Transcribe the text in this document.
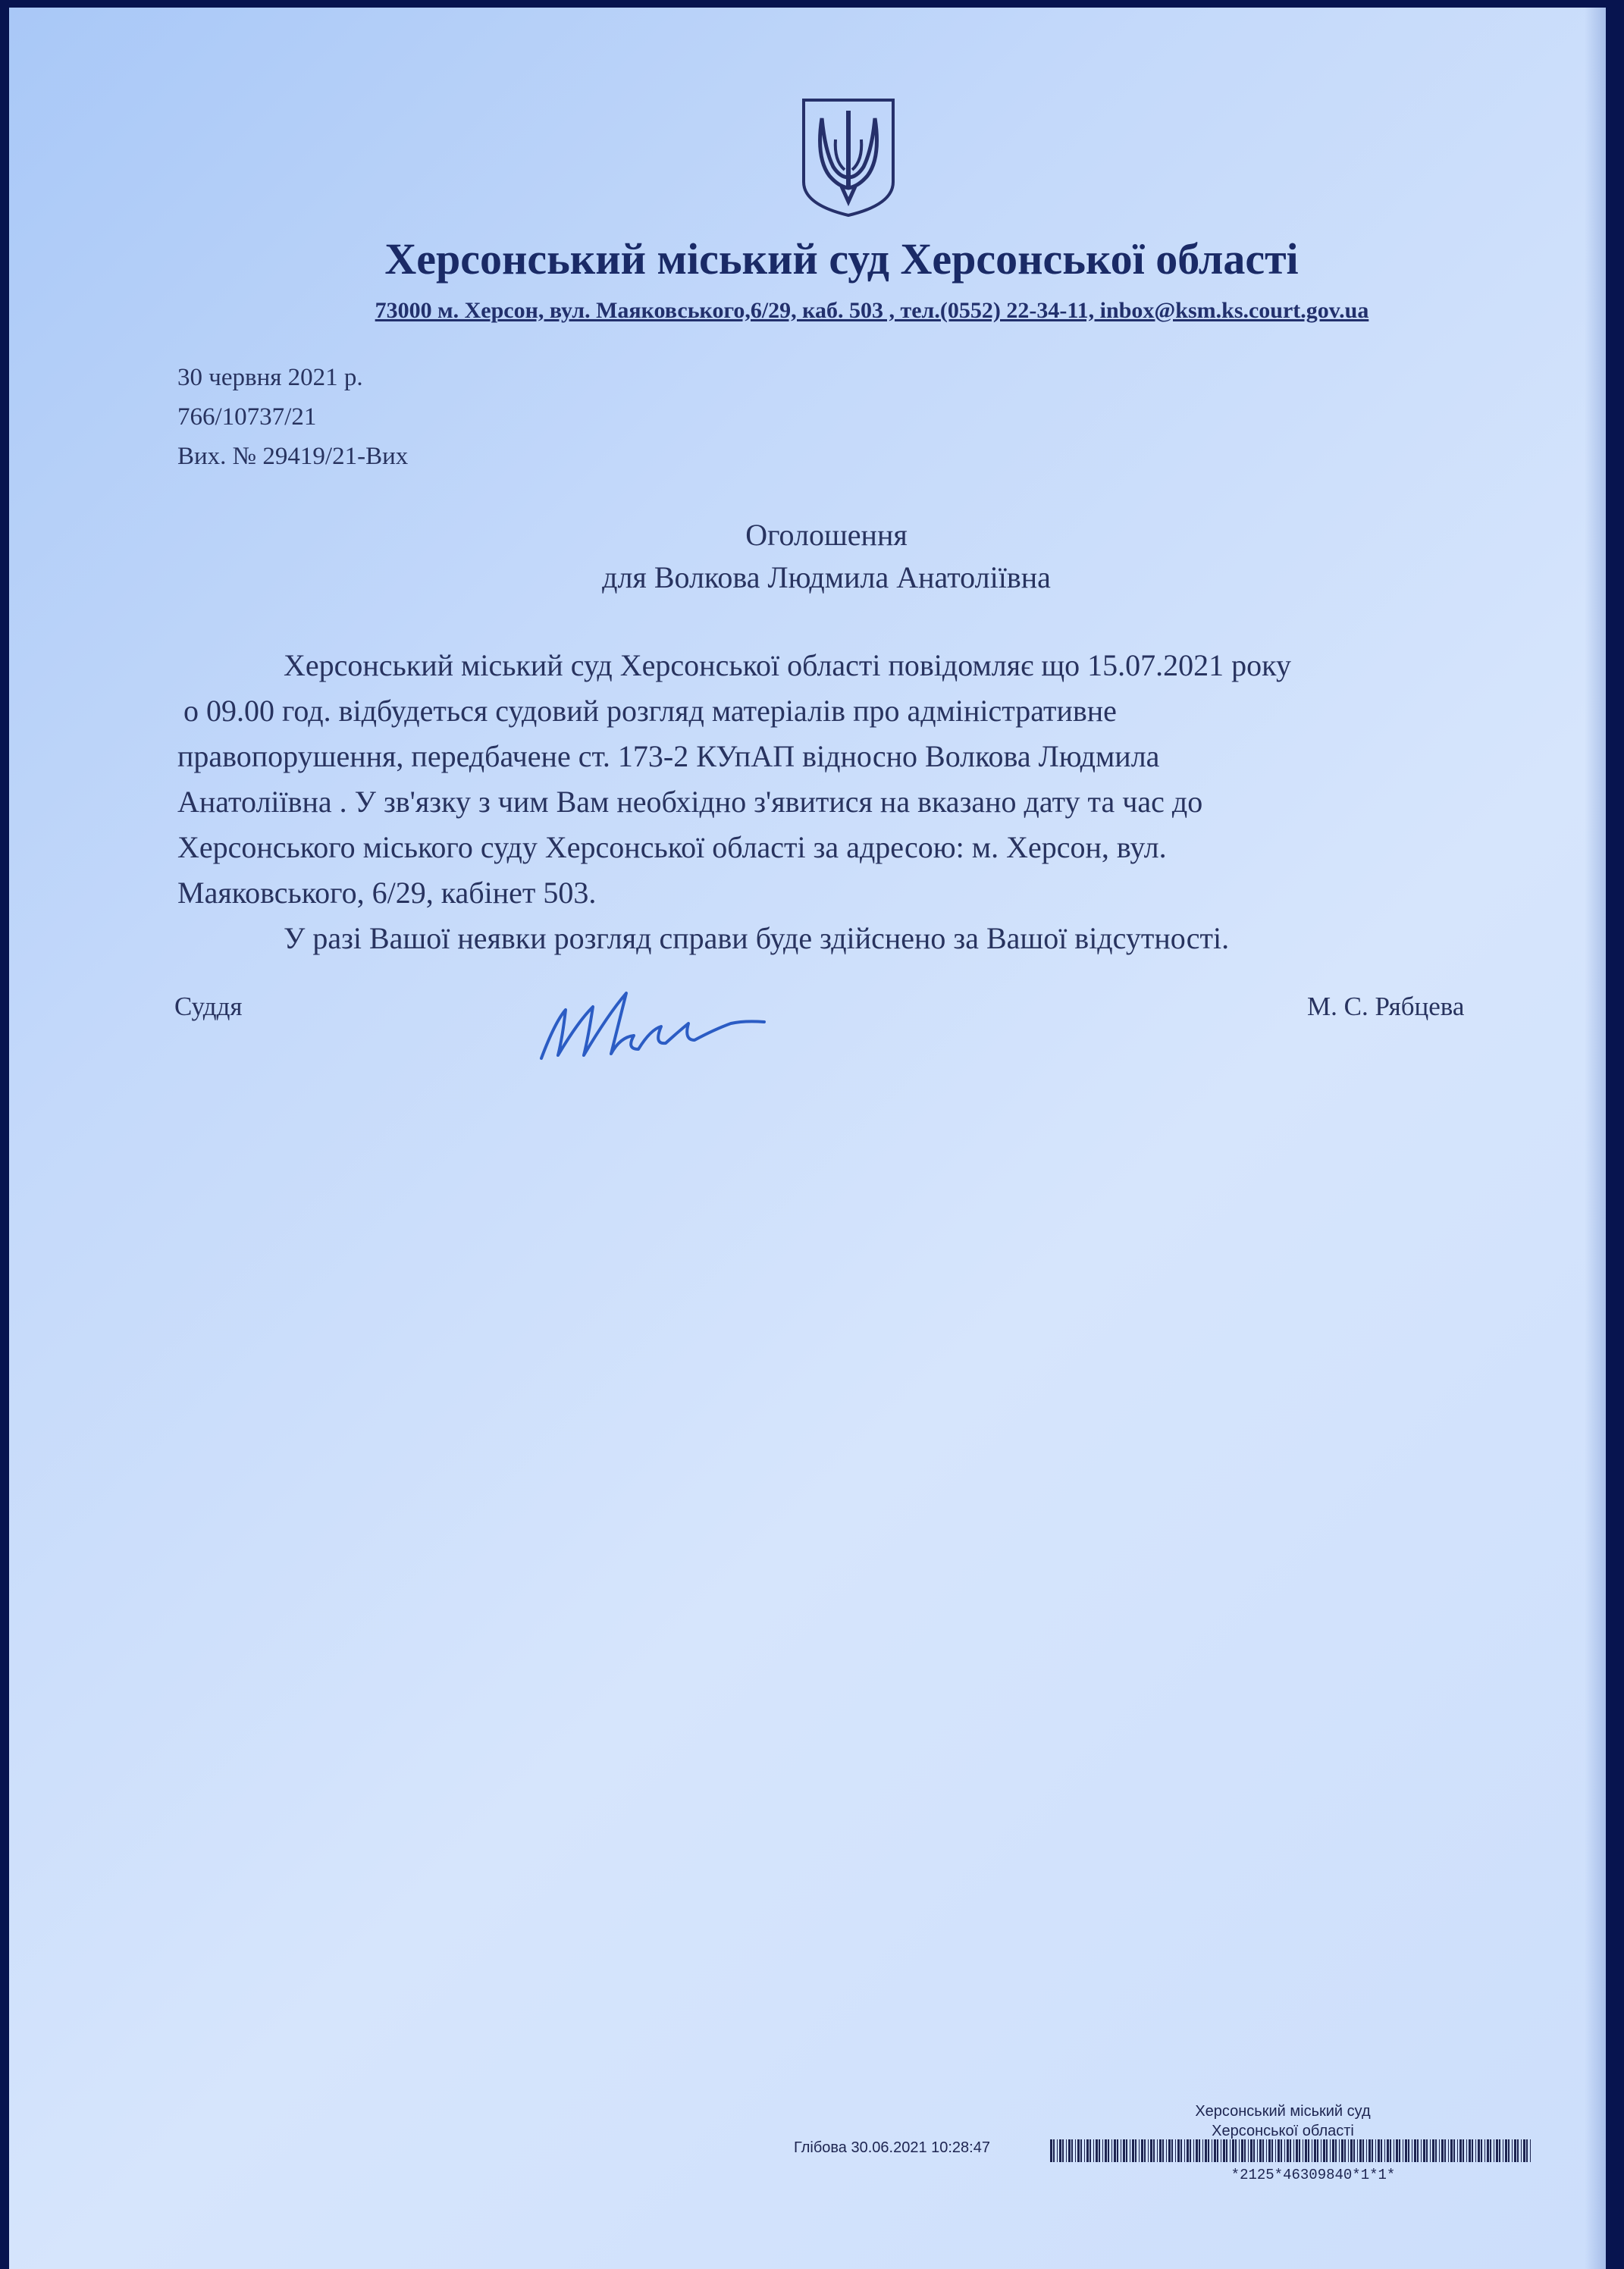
Херсонський міський суд Херсонської області
73000 м. Херсон, вул. Маяковського,6/29, каб. 503 , тел.(0552) 22-34-11, inbox@ksm.ks.court.gov.ua
30 червня 2021 р.
766/10737/21
Вих. № 29419/21-Вих
Оголошення
для Волкова Людмила Анатоліївна
Херсонський міський суд Херсонської області повідомляє що 15.07.2021 року
о 09.00 год. відбудеться судовий розгляд матеріалів про адміністративне
правопорушення, передбачене ст. 173-2 КУпАП відносно Волкова Людмила
Анатоліївна . У зв'язку з чим Вам необхідно з'явитися на вказано дату та час до
Херсонського міського суду Херсонської області за адресою: м. Херсон, вул.
Маяковського, 6/29, кабінет 503.
У разі Вашої неявки розгляд справи буде здійснено за Вашої відсутності.
Суддя	М. С. Рябцева
Херсонський міський суд
Херсонської області
Глібова 30.06.2021 10:28:47
*2125*46309840*1*1*
